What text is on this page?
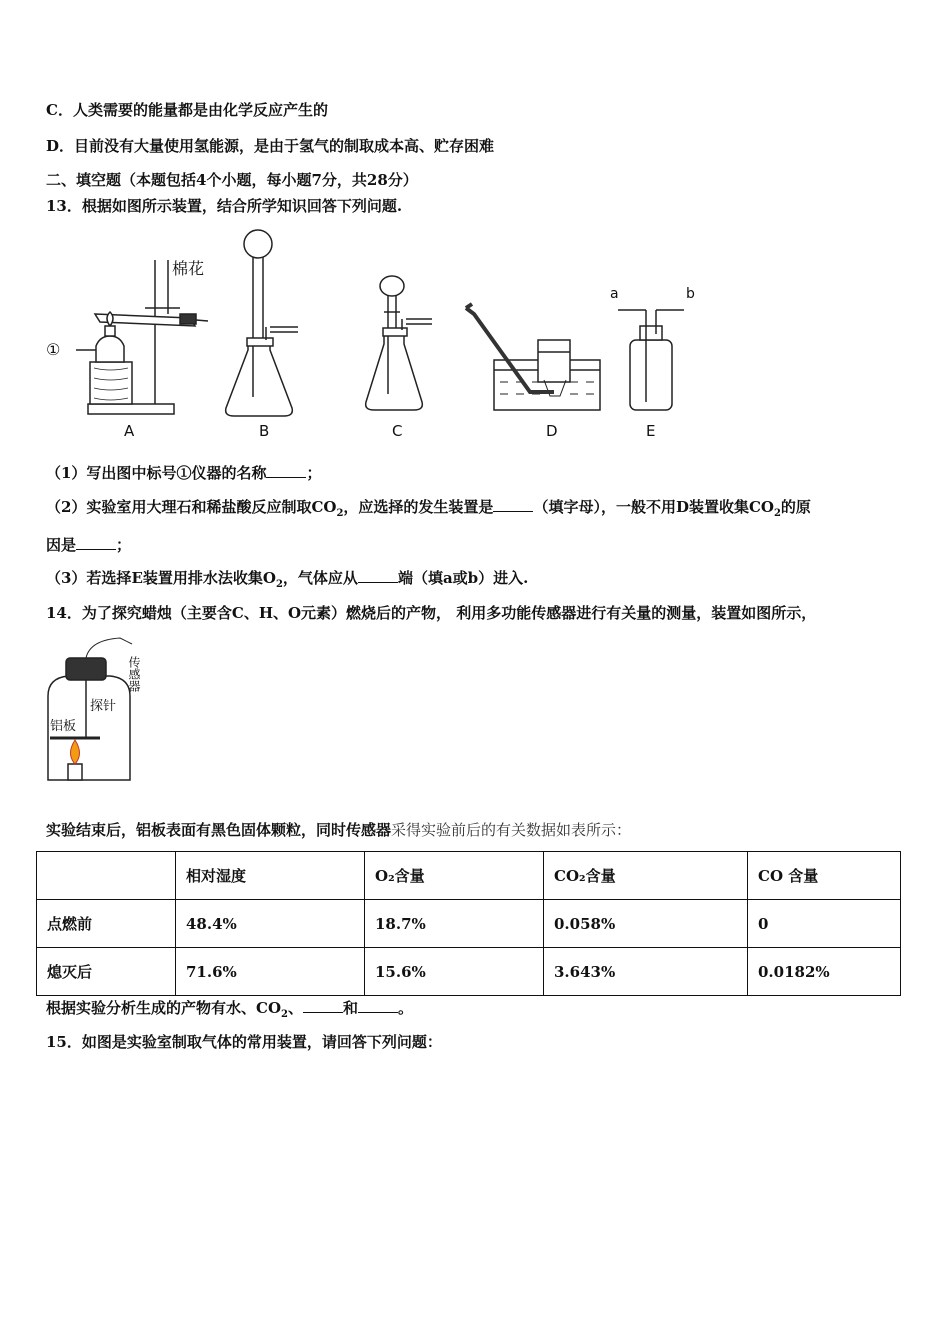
C．人类需要的能量都是由化学反应产生的
D．目前没有大量使用氢能源，是由于氢气的制取成本高、贮存困难
二、填空题（本题包括4个小题，每小题7分，共28分）
13．根据如图所示装置，结合所学知识回答下列问题.
棉花
①
A	B	C	D	E
a	b
（1）写出图中标号①仪器的名称	；
（2）实验室用大理石和稀盐酸反应制取$CO_2$，应选择的发生装置是	（填字母），一般不用D装置收集$CO_2$的原
因是	；
（3）若选择E装置用排水法收集$O_2$，气体应从	端（填a或b）进入.
14．为了探究蜡烛（主要含C、H、O元素）燃烧后的产物， 利用多功能传感器进行有关量的测量，装置如图所示，
探针
铝板
传感器
实验结束后，铝板表面有黑色固体颗粒，同时传感器采得实验前后的有关数据如表所示：
	相对湿度	O₂含量	CO₂含量	CO 含量
点燃前	48.4%	18.7%	0.058%	0
熄灭后	71.6%	15.6%	3.643%	0.0182%
根据实验分析生成的产物有水、$CO_2$、	和	。
15．如图是实验室制取气体的常用装置，请回答下列问题：
